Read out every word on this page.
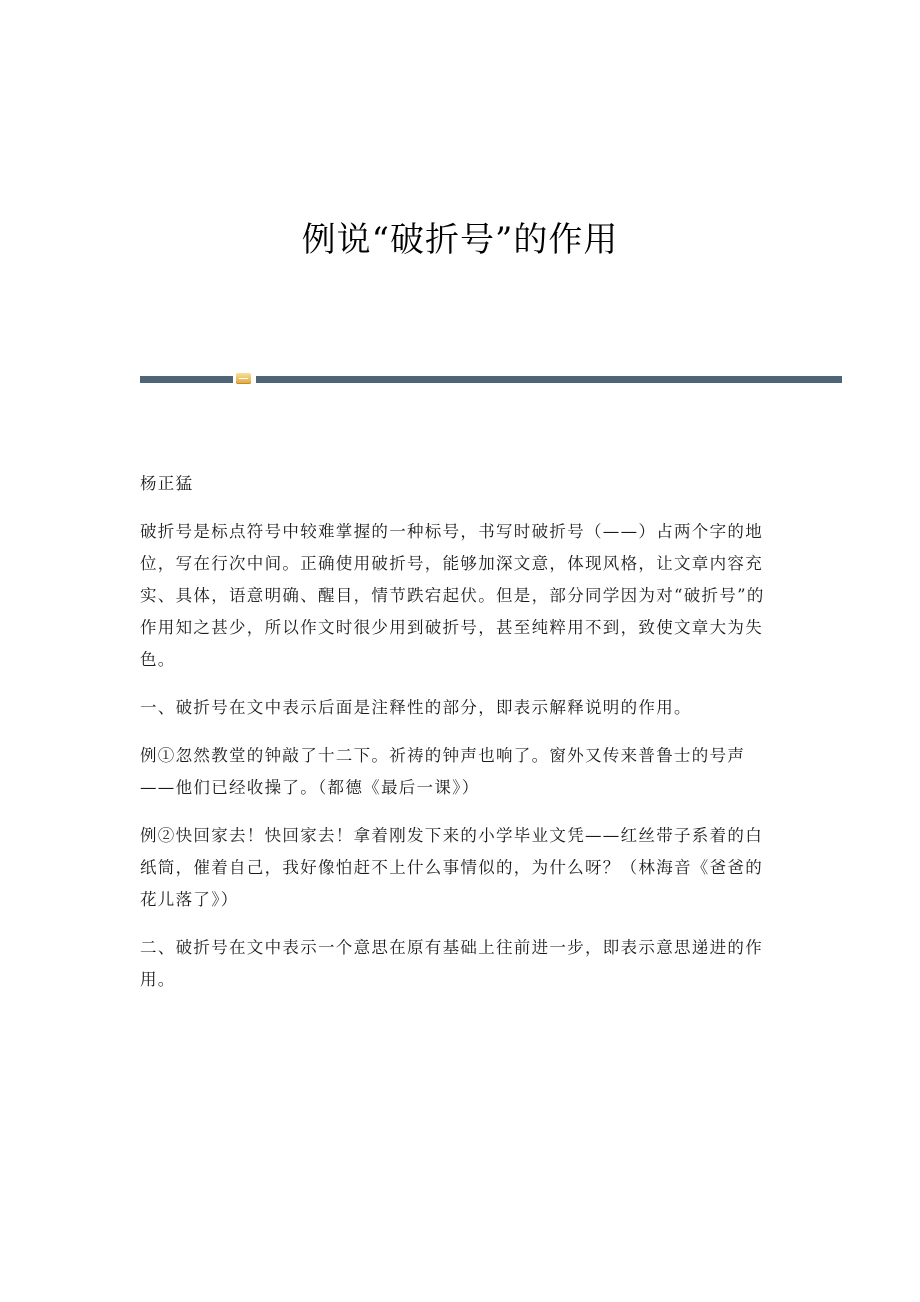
例说“破折号”的作用

杨正猛

破折号是标点符号中较难掌握的一种标号，书写时破折号（——）占两个字的地位，写在行次中间。正确使用破折号，能够加深文意，体现风格，让文章内容充实、具体，语意明确、醒目，情节跌宕起伏。但是，部分同学因为对“破折号”的作用知之甚少，所以作文时很少用到破折号，甚至纯粹用不到，致使文章大为失色。

一、破折号在文中表示后面是注释性的部分，即表示解释说明的作用。

例①忽然教堂的钟敲了十二下。祈祷的钟声也响了。窗外又传来普鲁士的号声——他们已经收操了。（都德《最后一课》）

例②快回家去！快回家去！拿着刚发下来的小学毕业文凭——红丝带子系着的白纸筒，催着自己，我好像怕赶不上什么事情似的，为什么呀？（林海音《爸爸的花儿落了》）

二、破折号在文中表示一个意思在原有基础上往前进一步，即表示意思递进的作用。
